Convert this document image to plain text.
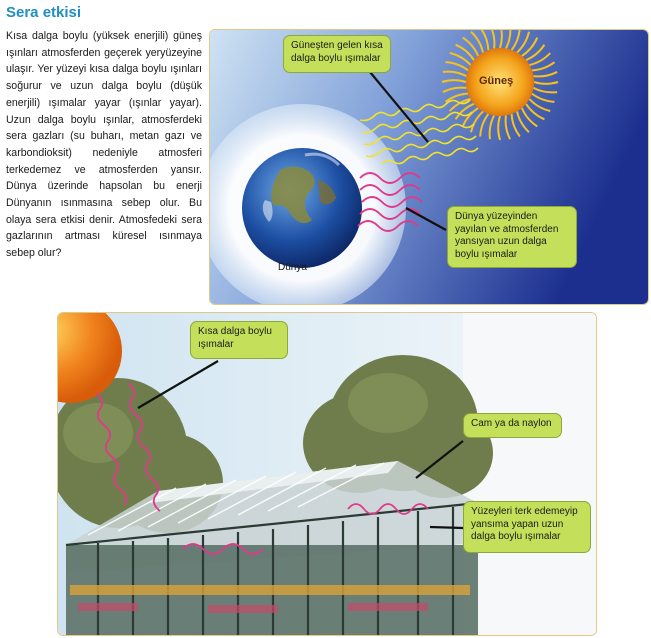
Sera etkisi

Kısa dalga boylu (yüksek enerjili) güneş ışınları atmosferden geçerek yeryüzeyine ulaşır. Yer yüzeyi kısa dalga boylu ışınları soğurur ve uzun dalga boylu (düşük enerjili) ışımalar yayar (ışınlar yayar). Uzun dalga boylu ışınlar, atmosferdeki sera gazları (su buharı, metan gazı ve karbondioksit) nedeniyle atmosferi terkedemez ve atmosferden yansır. Dünya üzerinde hapsolan bu enerji Dünyanın ısınmasına sebep olur. Bu olaya sera etkisi denir. Atmosfedeki sera gazlarının artması küresel ısınmaya sebep olur?

Güneş
Dünya
Güneşten gelen kısa dalga boylu ışımalar
Dünya yüzeyinden yayılan ve atmosferden yansıyan uzun dalga boylu ışımalar
Kısa dalga boylu ışımalar
Cam ya da naylon
Yüzeyleri terk edemeyip yansıma yapan uzun dalga boylu ışımalar
